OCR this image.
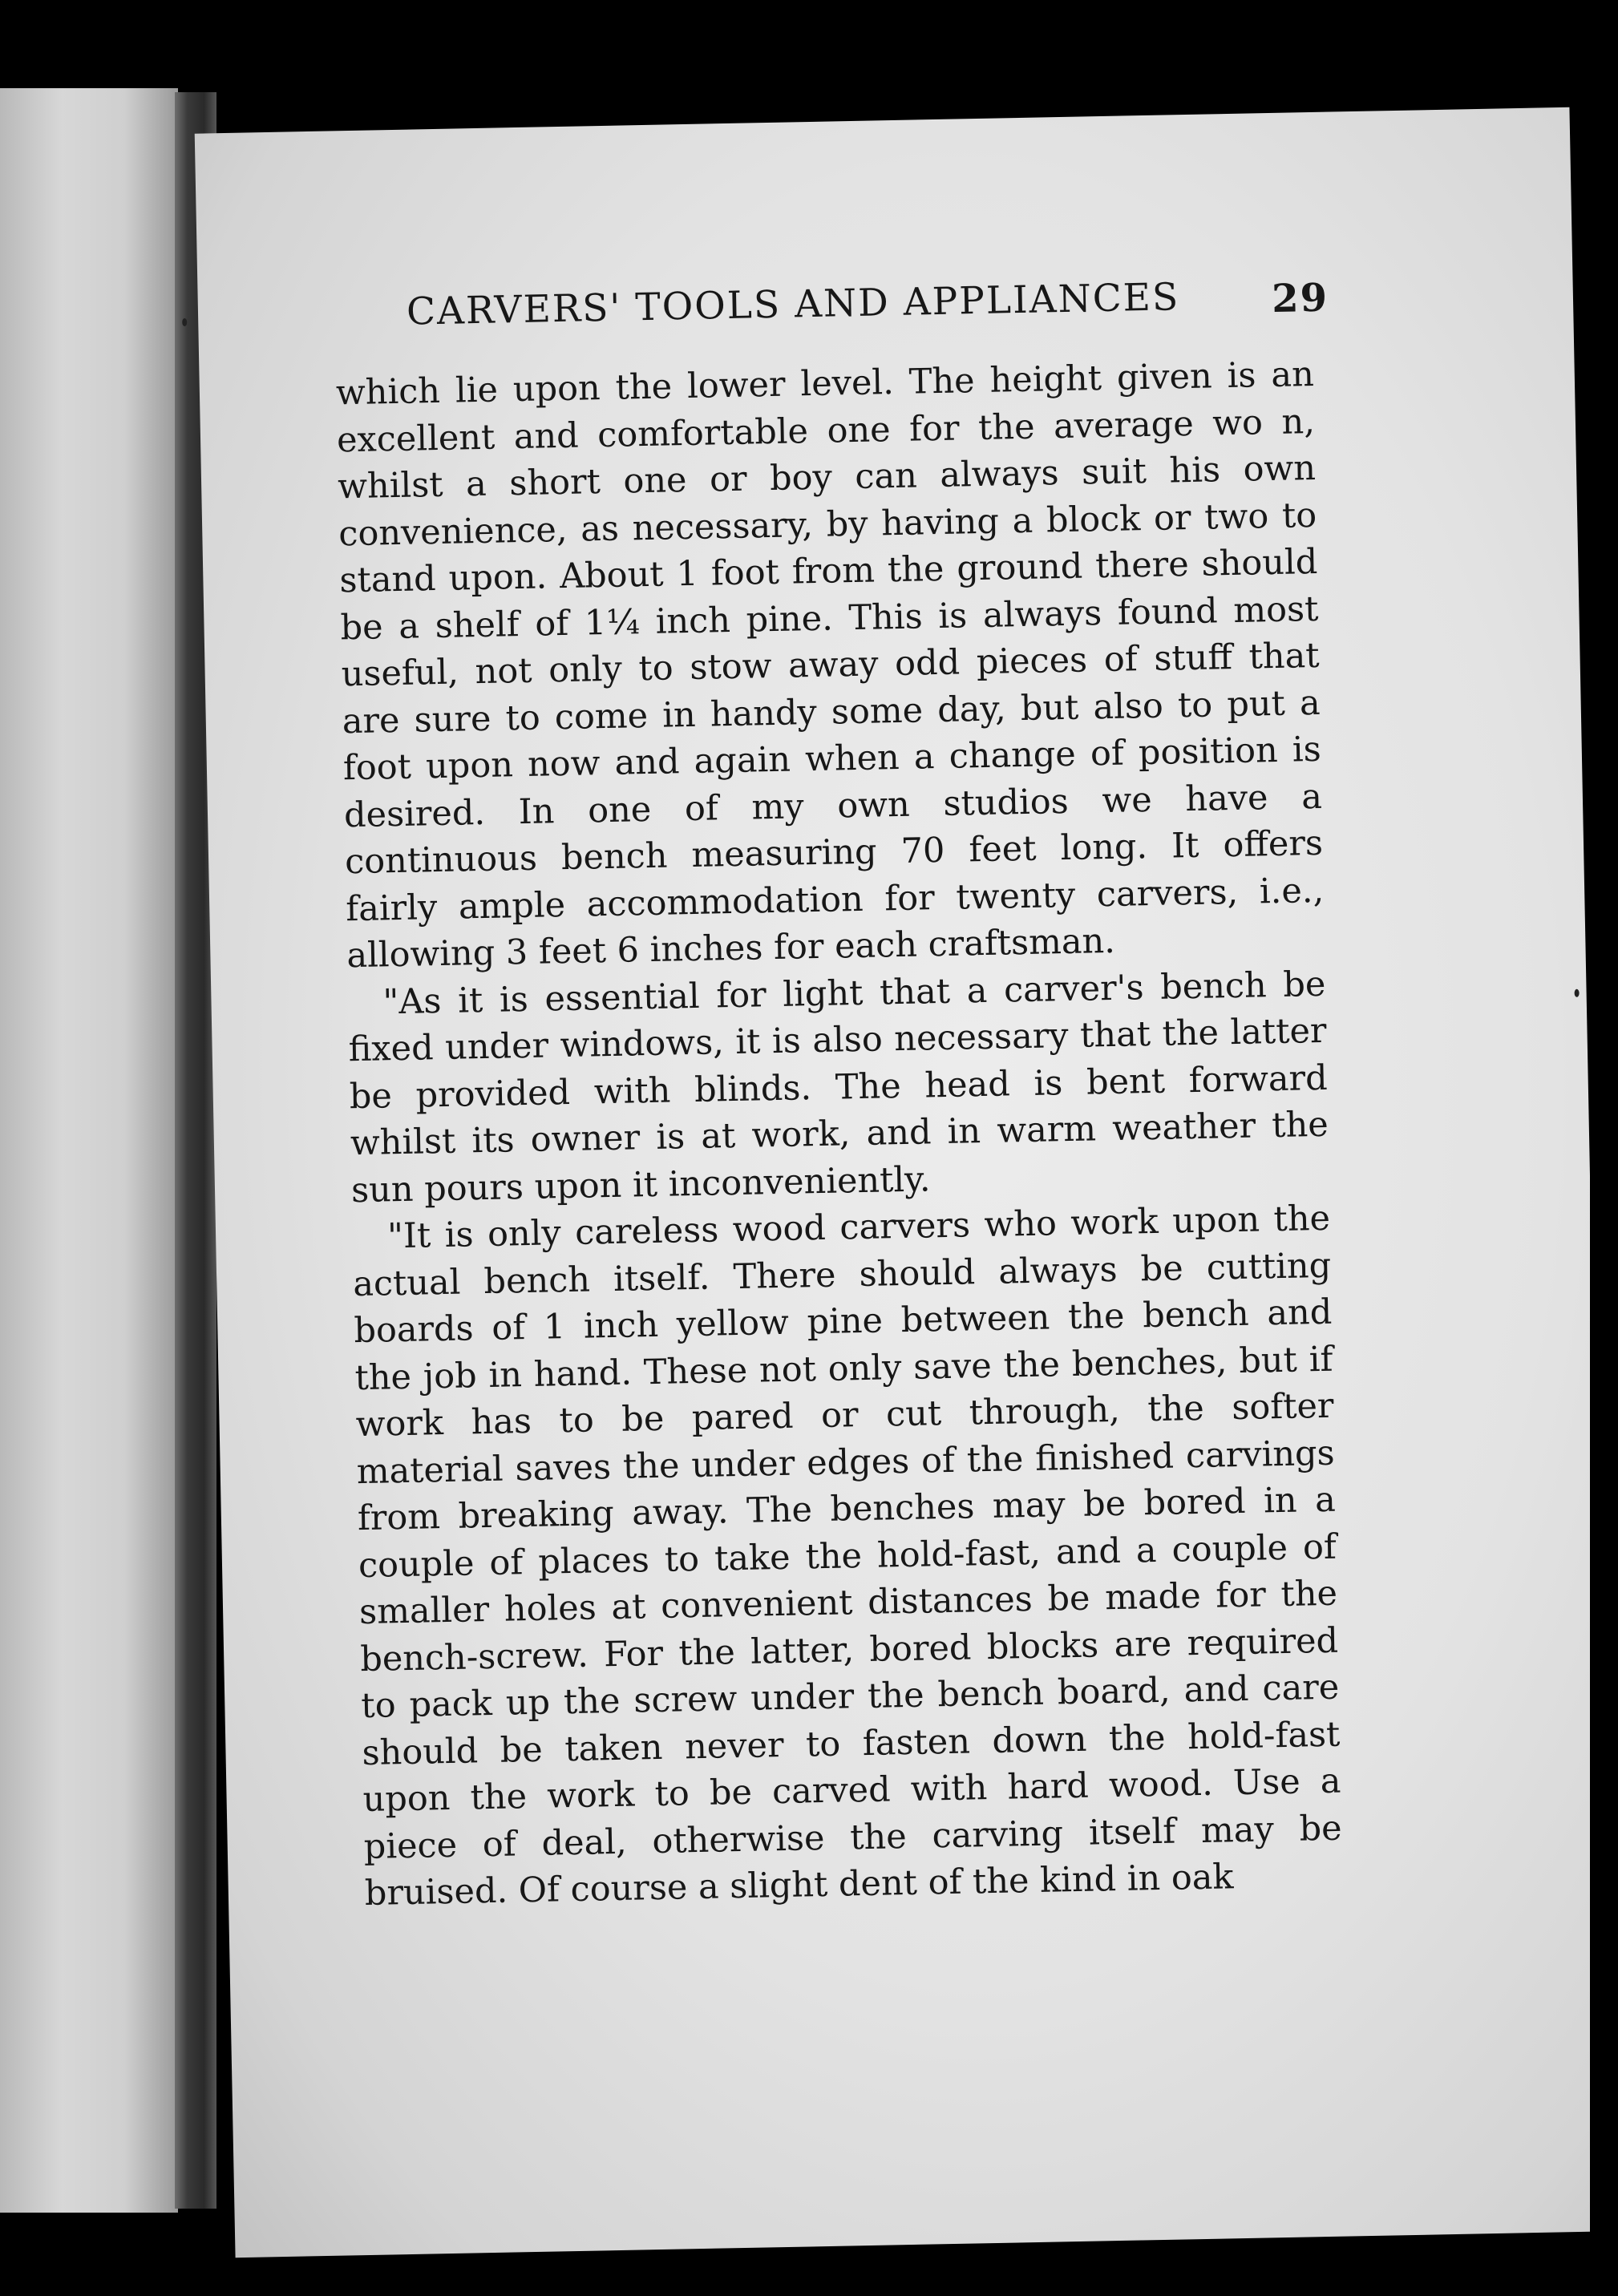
CARVERS' TOOLS AND APPLIANCES 29

which lie upon the lower level. The height given is an excellent and comfortable one for the average wo n, whilst a short one or boy can always suit his own convenience, as necessary, by having a block or two to stand upon. About 1 foot from the ground there should be a shelf of 1¼ inch pine. This is always found most useful, not only to stow away odd pieces of stuff that are sure to come in handy some day, but also to put a foot upon now and again when a change of position is desired. In one of my own studios we have a continuous bench measuring 70 feet long. It offers fairly ample accommodation for twenty carvers, i.e., allowing 3 feet 6 inches for each craftsman.

"As it is essential for light that a carver's bench be fixed under windows, it is also necessary that the latter be provided with blinds. The head is bent forward whilst its owner is at work, and in warm weather the sun pours upon it inconveniently.

"It is only careless wood carvers who work upon the actual bench itself. There should always be cutting boards of 1 inch yellow pine between the bench and the job in hand. These not only save the benches, but if work has to be pared or cut through, the softer material saves the under edges of the finished carvings from breaking away. The benches may be bored in a couple of places to take the hold-fast, and a couple of smaller holes at convenient distances be made for the bench-screw. For the latter, bored blocks are required to pack up the screw under the bench board, and care should be taken never to fasten down the hold-fast upon the work to be carved with hard wood. Use a piece of deal, otherwise the carving itself may be bruised. Of course a slight dent of the kind in oak
